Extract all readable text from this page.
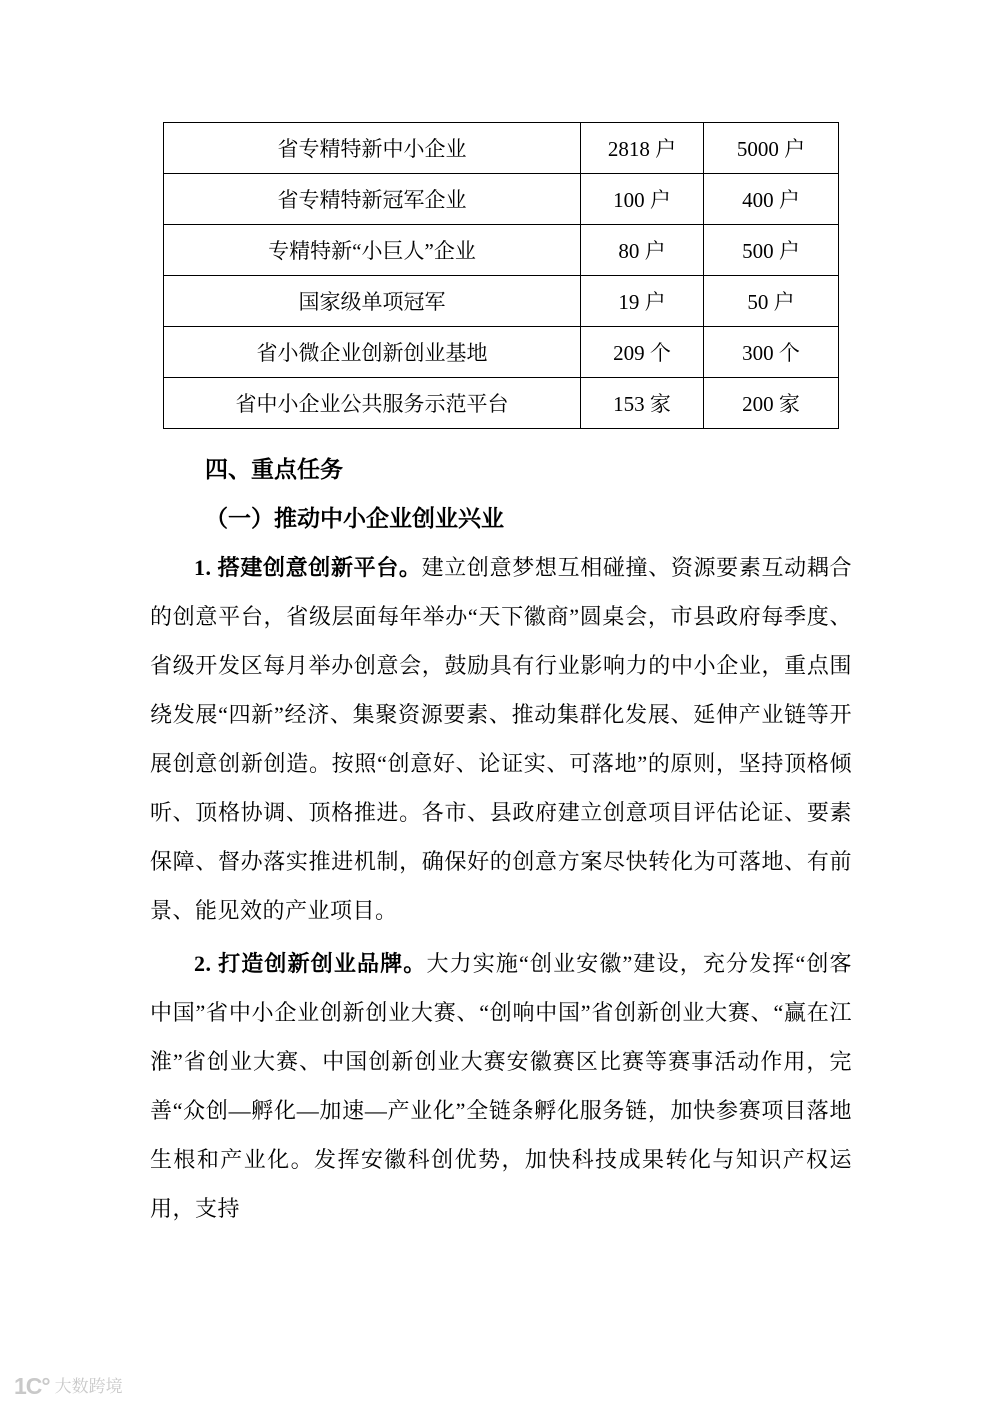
省专精特新中小企业	2818 户	5000 户
省专精特新冠军企业	100 户	400 户
专精特新“小巨人”企业	80 户	500 户
国家级单项冠军	19 户	50 户
省小微企业创新创业基地	209 个	300 个
省中小企业公共服务示范平台	153 家	200 家
四、重点任务
（一）推动中小企业创业兴业

1. 搭建创意创新平台。建立创意梦想互相碰撞、资源要素互动耦合的创意平台，省级层面每年举办“天下徽商”圆桌会，市县政府每季度、省级开发区每月举办创意会，鼓励具有行业影响力的中小企业，重点围绕发展“四新”经济、集聚资源要素、推动集群化发展、延伸产业链等开展创意创新创造。按照“创意好、论证实、可落地”的原则，坚持顶格倾听、顶格协调、顶格推进。各市、县政府建立创意项目评估论证、要素保障、督办落实推进机制，确保好的创意方案尽快转化为可落地、有前景、能见效的产业项目。

2. 打造创新创业品牌。大力实施“创业安徽”建设，充分发挥“创客中国”省中小企业创新创业大赛、“创响中国”省创新创业大赛、“赢在江淮”省创业大赛、中国创新创业大赛安徽赛区比赛等赛事活动作用，完善“众创—孵化—加速—产业化”全链条孵化服务链，加快参赛项目落地生根和产业化。发挥安徽科创优势，加快科技成果转化与知识产权运用，支持

1C° 大数跨境
